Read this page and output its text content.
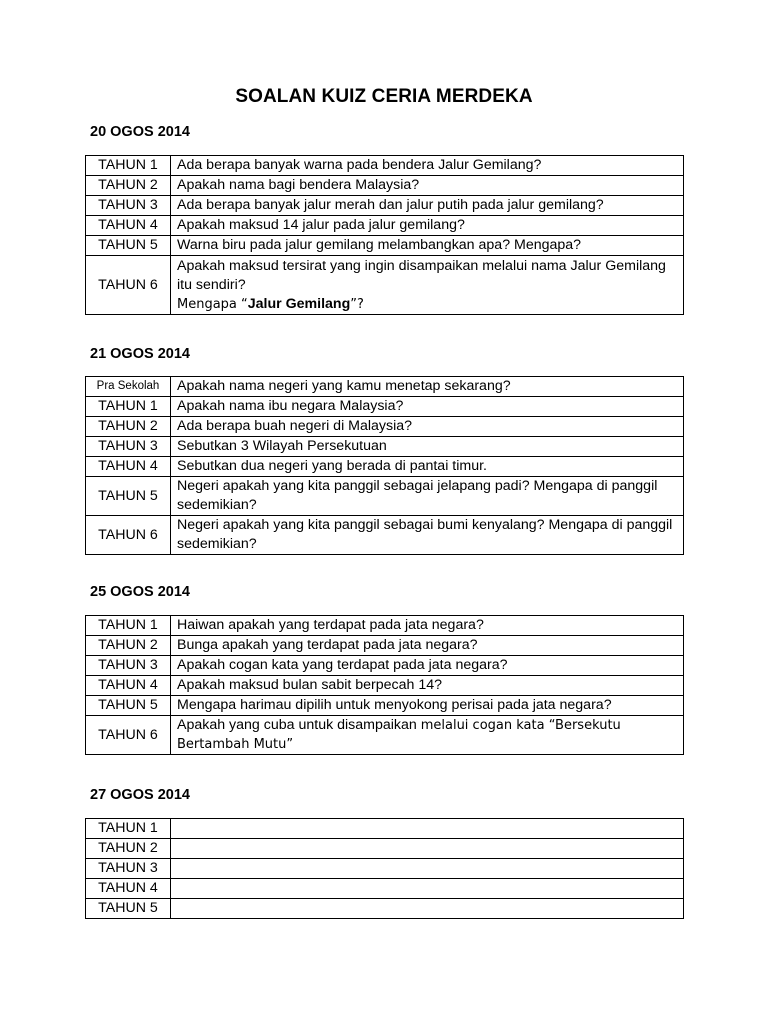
SOALAN KUIZ CERIA MERDEKA
20 OGOS 2014
TAHUN 1	Ada berapa banyak warna pada bendera Jalur Gemilang?
TAHUN 2	Apakah nama bagi bendera Malaysia?
TAHUN 3	Ada berapa banyak jalur merah dan jalur putih pada jalur gemilang?
TAHUN 4	Apakah maksud 14 jalur pada jalur gemilang?
TAHUN 5	Warna biru pada jalur gemilang melambangkan apa? Mengapa?
TAHUN 6	Apakah maksud tersirat yang ingin disampaikan melalui nama Jalur Gemilang itu sendiri?
Mengapa “Jalur Gemilang”?
21 OGOS 2014
Pra Sekolah	Apakah nama negeri yang kamu menetap sekarang?
TAHUN 1	Apakah nama ibu negara Malaysia?
TAHUN 2	Ada berapa buah negeri di Malaysia?
TAHUN 3	Sebutkan 3 Wilayah Persekutuan
TAHUN 4	Sebutkan dua negeri yang berada di pantai timur.
TAHUN 5	Negeri apakah yang kita panggil sebagai jelapang padi? Mengapa di panggil sedemikian?
TAHUN 6	Negeri apakah yang kita panggil sebagai bumi kenyalang? Mengapa di panggil sedemikian?
25 OGOS 2014
TAHUN 1	Haiwan apakah yang terdapat pada jata negara?
TAHUN 2	Bunga apakah yang terdapat pada jata negara?
TAHUN 3	Apakah cogan kata yang terdapat pada jata negara?
TAHUN 4	Apakah maksud bulan sabit berpecah 14?
TAHUN 5	Mengapa harimau dipilih untuk menyokong perisai pada jata negara?
TAHUN 6	Apakah yang cuba untuk disampaikan melalui cogan kata “Bersekutu Bertambah Mutu”
27 OGOS 2014
TAHUN 1	
TAHUN 2	
TAHUN 3	
TAHUN 4	
TAHUN 5	
